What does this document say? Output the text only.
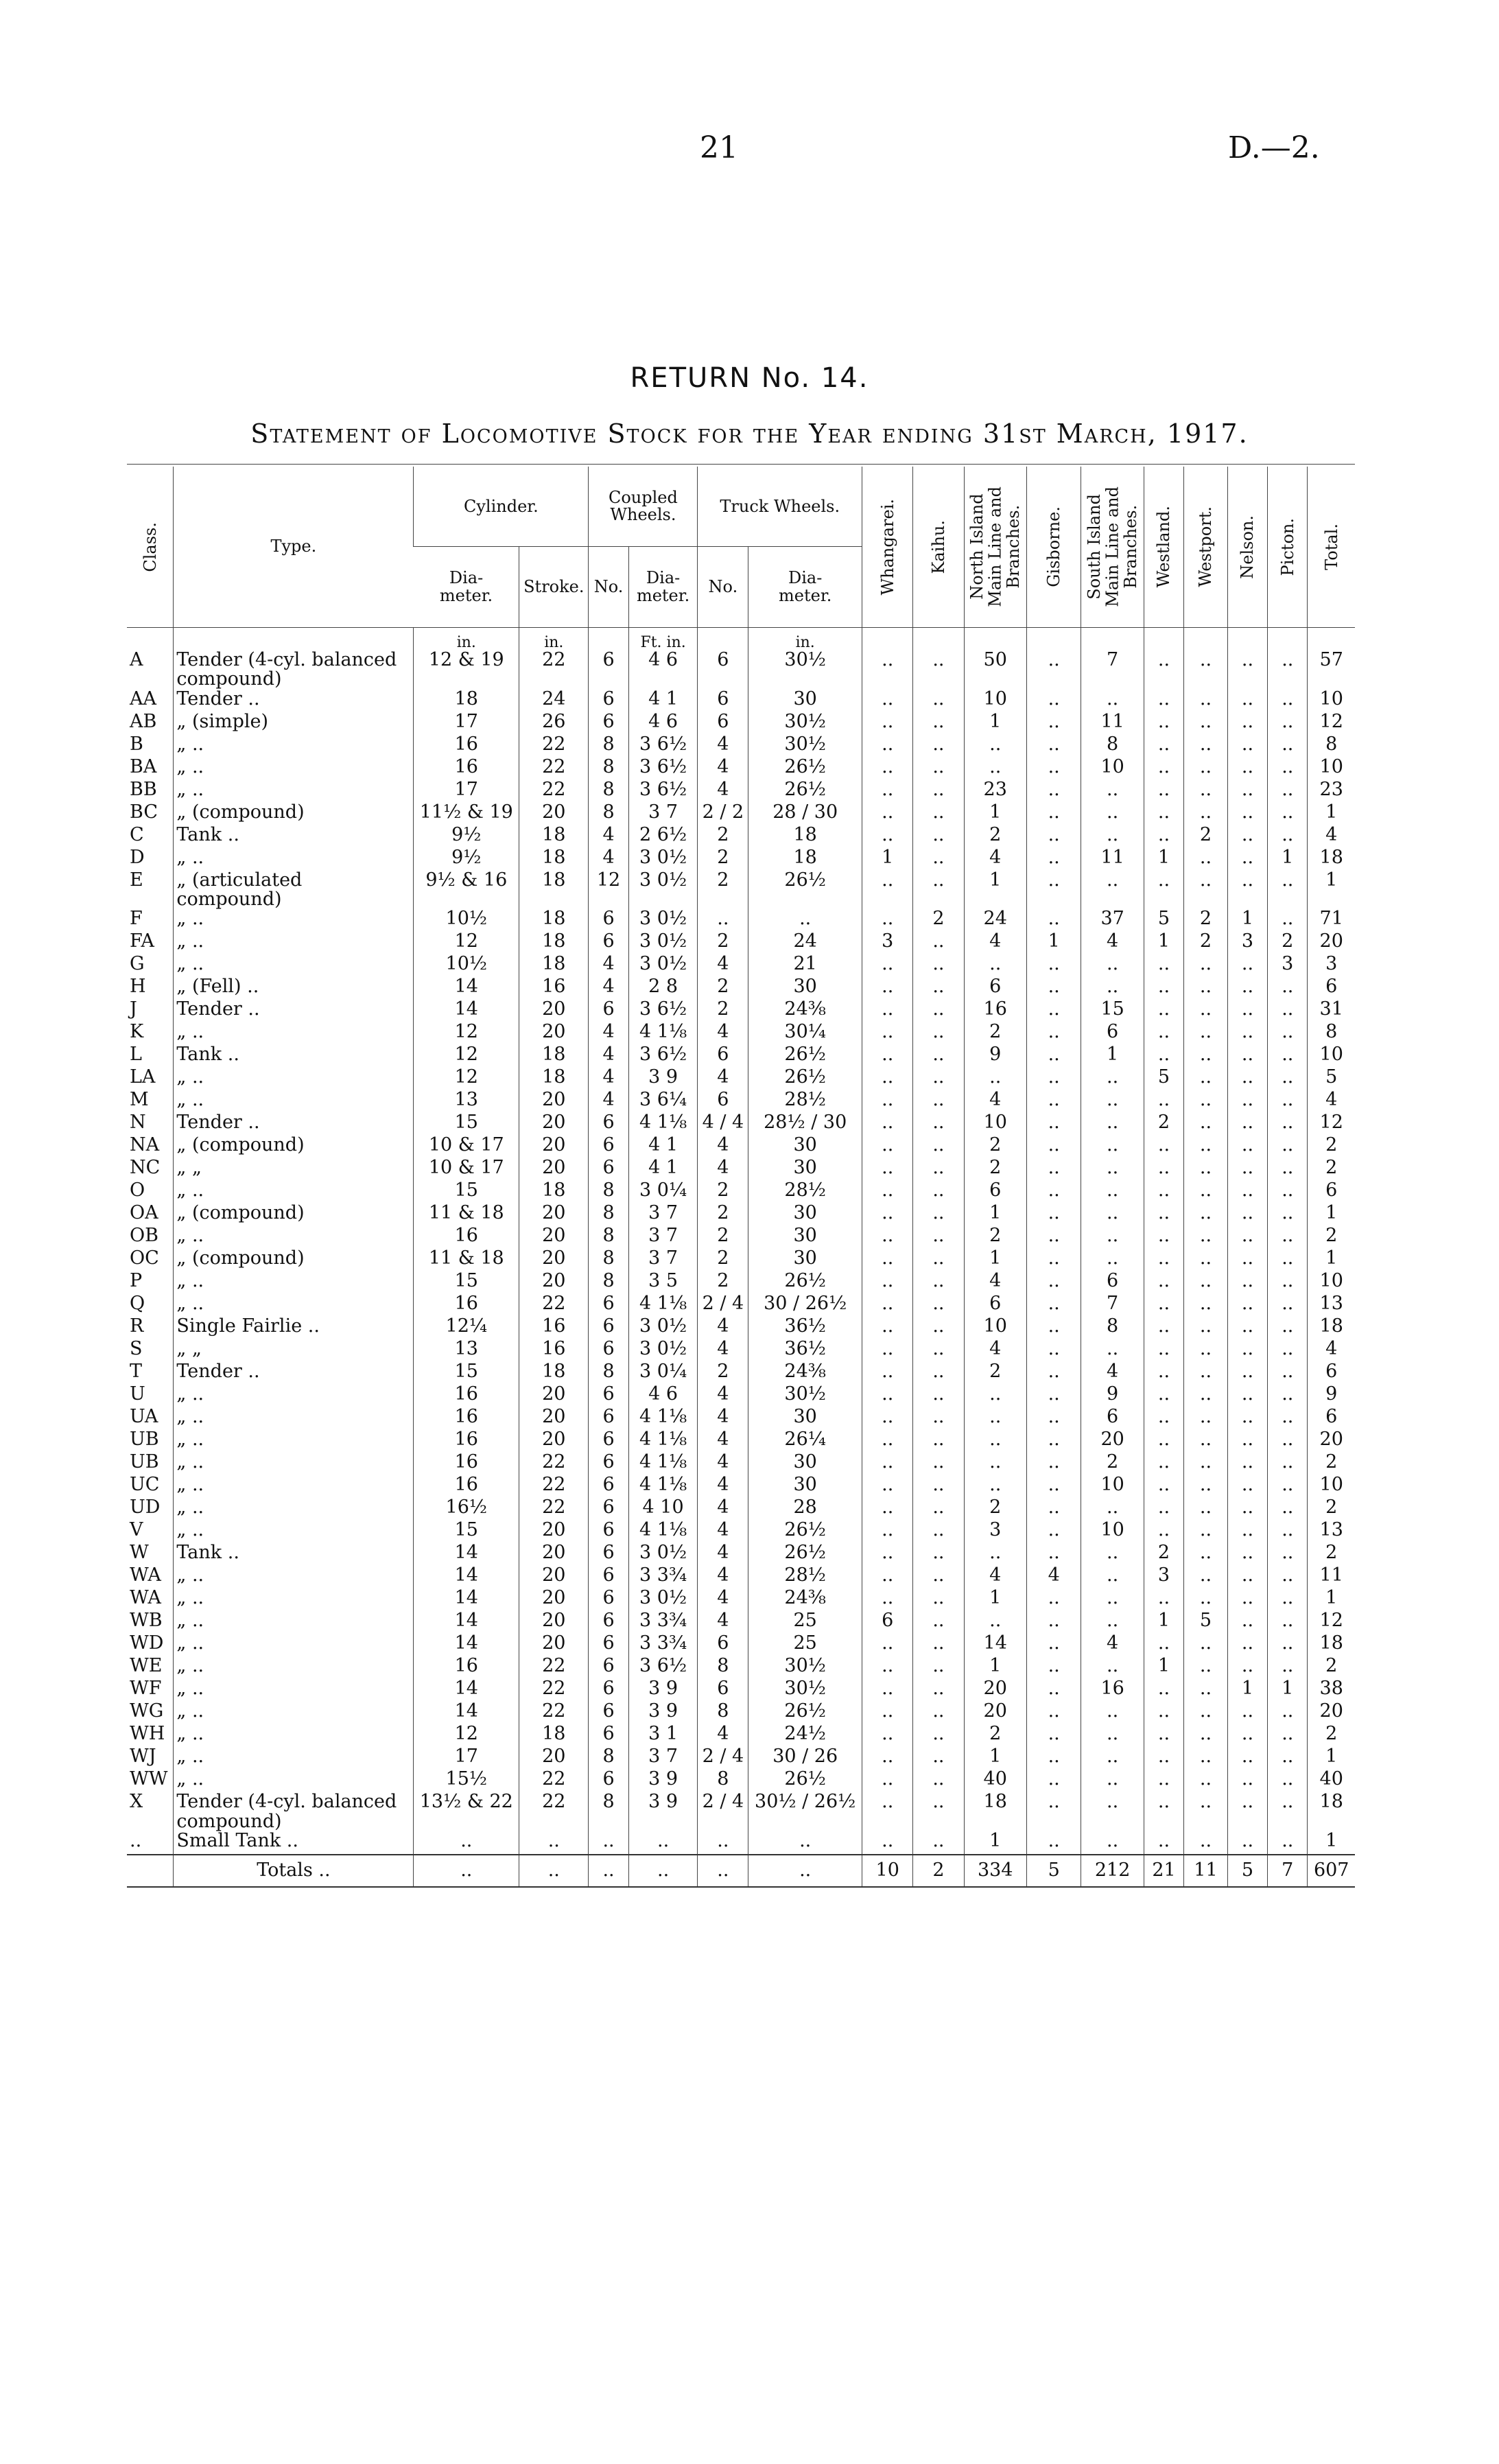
21	D.—2.
RETURN No. 14.
Statement of Locomotive Stock for the Year ending 31st March, 1917.
Class.	Type.	Cylinder.		Coupled Wheels.		Truck Wheels.		Whangarei.	Kaihu.	North Island
Main Line and
Branches.	Gisborne.	South Island
Main Line and
Branches.	Westland.	Westport.	Nelson.	Picton.	Total.

		Dia-
meter.	Stroke.	No.	Dia-
meter.	No.	Dia-
meter.										
		in.	in.		Ft. in.		in.										
A	Tender (4-cyl. balanced compound)	12 & 19	22	6	4 6	6	30½	..	..	50	..	7	..	..	..	..	57
AA	Tender ..	18	24	6	4 1	6	30	..	..	10	..	..	..	..	..	..	10
AB	„ (simple)	17	26	6	4 6	6	30½	..	..	1	..	11	..	..	..	..	12
B	„ ..	16	22	8	3 6½	4	30½	..	..	..	..	8	..	..	..	..	8
BA	„ ..	16	22	8	3 6½	4	26½	..	..	..	..	10	..	..	..	..	10
BB	„ ..	17	22	8	3 6½	4	26½	..	..	23	..	..	..	..	..	..	23
BC	„ (compound)	11½ & 19	20	8	3 7	2 / 2	28 / 30	..	..	1	..	..	..	..	..	..	1
C	Tank ..	9½	18	4	2 6½	2	18	..	..	2	..	..	..	2	..	..	4
D	„ ..	9½	18	4	3 0½	2	18	1	..	4	..	11	1	..	..	1	18
E	„ (articulated compound)	9½ & 16	18	12	3 0½	2	26½	..	..	1	..	..	..	..	..	..	1
F	„ ..	10½	18	6	3 0½	..	..	..	2	24	..	37	5	2	1	..	71
FA	„ ..	12	18	6	3 0½	2	24	3	..	4	1	4	1	2	3	2	20
G	„ ..	10½	18	4	3 0½	4	21	..	..	..	..	..	..	..	..	3	3
H	„ (Fell) ..	14	16	4	2 8	2	30	..	..	6	..	..	..	..	..	..	6
J	Tender ..	14	20	6	3 6½	2	24⅜	..	..	16	..	15	..	..	..	..	31
K	„ ..	12	20	4	4 1⅛	4	30¼	..	..	2	..	6	..	..	..	..	8
L	Tank ..	12	18	4	3 6½	6	26½	..	..	9	..	1	..	..	..	..	10
LA	„ ..	12	18	4	3 9	4	26½	..	..	..	..	..	5	..	..	..	5
M	„ ..	13	20	4	3 6¼	6	28½	..	..	4	..	..	..	..	..	..	4
N	Tender ..	15	20	6	4 1⅛	4 / 4	28½ / 30	..	..	10	..	..	2	..	..	..	12
NA	„ (compound)	10 & 17	20	6	4 1	4	30	..	..	2	..	..	..	..	..	..	2
NC	„ „	10 & 17	20	6	4 1	4	30	..	..	2	..	..	..	..	..	..	2
O	„ ..	15	18	8	3 0¼	2	28½	..	..	6	..	..	..	..	..	..	6
OA	„ (compound)	11 & 18	20	8	3 7	2	30	..	..	1	..	..	..	..	..	..	1
OB	„ ..	16	20	8	3 7	2	30	..	..	2	..	..	..	..	..	..	2
OC	„ (compound)	11 & 18	20	8	3 7	2	30	..	..	1	..	..	..	..	..	..	1
P	„ ..	15	20	8	3 5	2	26½	..	..	4	..	6	..	..	..	..	10
Q	„ ..	16	22	6	4 1⅛	2 / 4	30 / 26½	..	..	6	..	7	..	..	..	..	13
R	Single Fairlie ..	12¼	16	6	3 0½	4	36½	..	..	10	..	8	..	..	..	..	18
S	„ „	13	16	6	3 0½	4	36½	..	..	4	..	..	..	..	..	..	4
T	Tender ..	15	18	8	3 0¼	2	24⅜	..	..	2	..	4	..	..	..	..	6
U	„ ..	16	20	6	4 6	4	30½	..	..	..	..	9	..	..	..	..	9
UA	„ ..	16	20	6	4 1⅛	4	30	..	..	..	..	6	..	..	..	..	6
UB	„ ..	16	20	6	4 1⅛	4	26¼	..	..	..	..	20	..	..	..	..	20
UB	„ ..	16	22	6	4 1⅛	4	30	..	..	..	..	2	..	..	..	..	2
UC	„ ..	16	22	6	4 1⅛	4	30	..	..	..	..	10	..	..	..	..	10
UD	„ ..	16½	22	6	4 10	4	28	..	..	2	..	..	..	..	..	..	2
V	„ ..	15	20	6	4 1⅛	4	26½	..	..	3	..	10	..	..	..	..	13
W	Tank ..	14	20	6	3 0½	4	26½	..	..	..	..	..	2	..	..	..	2
WA	„ ..	14	20	6	3 3¾	4	28½	..	..	4	4	..	3	..	..	..	11
WA	„ ..	14	20	6	3 0½	4	24⅜	..	..	1	..	..	..	..	..	..	1
WB	„ ..	14	20	6	3 3¾	4	25	6	..	..	..	..	1	5	..	..	12
WD	„ ..	14	20	6	3 3¾	6	25	..	..	14	..	4	..	..	..	..	18
WE	„ ..	16	22	6	3 6½	8	30½	..	..	1	..	..	1	..	..	..	2
WF	„ ..	14	22	6	3 9	6	30½	..	..	20	..	16	..	..	1	1	38
WG	„ ..	14	22	6	3 9	8	26½	..	..	20	..	..	..	..	..	..	20
WH	„ ..	12	18	6	3 1	4	24½	..	..	2	..	..	..	..	..	..	2
WJ	„ ..	17	20	8	3 7	2 / 4	30 / 26	..	..	1	..	..	..	..	..	..	1
WW	„ ..	15½	22	6	3 9	8	26½	..	..	40	..	..	..	..	..	..	40
X	Tender (4-cyl. balanced compound)	13½ & 22	22	8	3 9	2 / 4	30½ / 26½	..	..	18	..	..	..	..	..	..	18
..	Small Tank ..	..	..	..	..	..	..	..	..	1	..	..	..	..	..	..	1
	Totals ..	..	..	..	..	..	..	10	2	334	5	212	21	11	5	7	607
